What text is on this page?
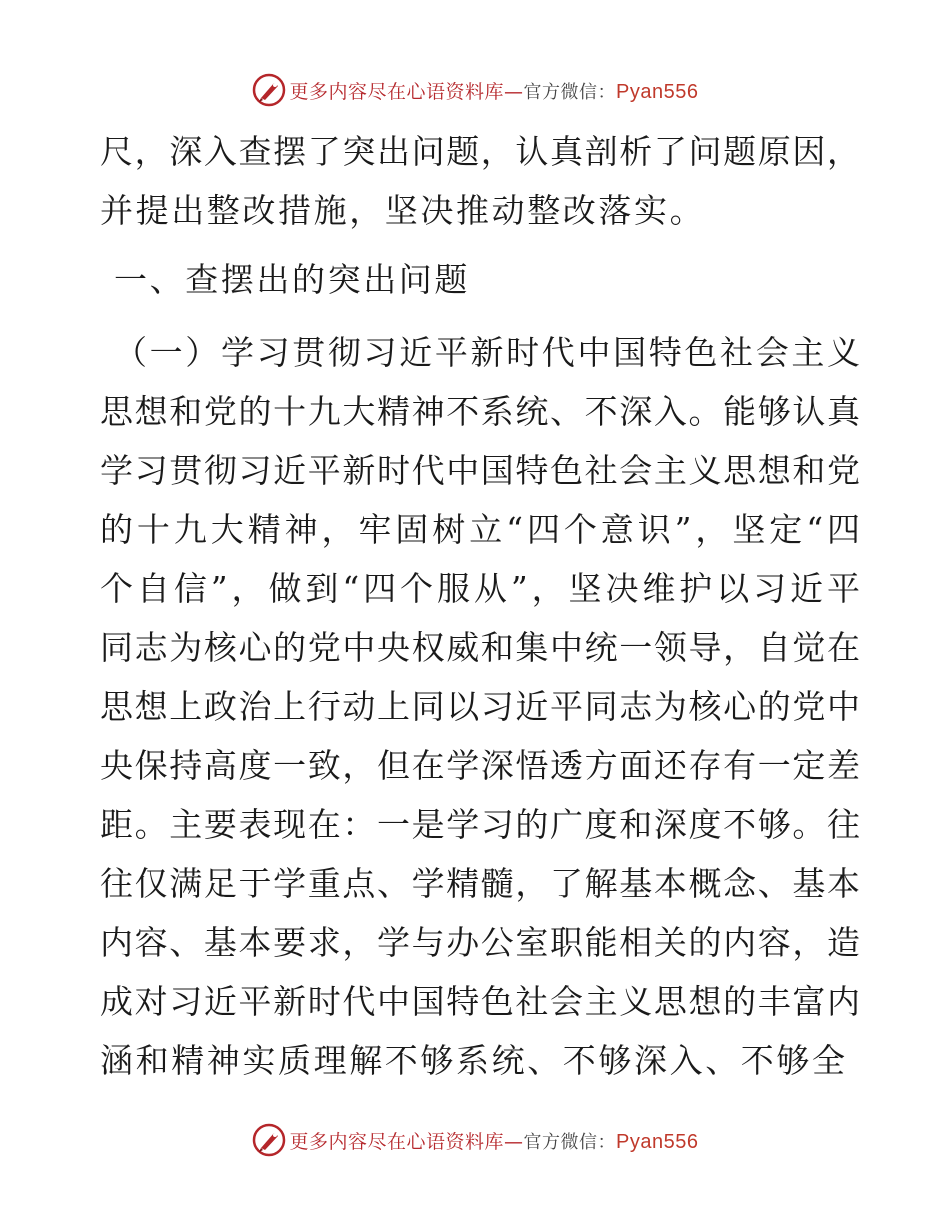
更多内容尽在心语资料库—官方微信：Pyan556
尺，深入查摆了突出问题，认真剖析了问题原因，
并提出整改措施，坚决推动整改落实。
一、查摆出的突出问题
（一）学习贯彻习近平新时代中国特色社会主义
思想和党的十九大精神不系统、不深入。能够认真
学习贯彻习近平新时代中国特色社会主义思想和党
的十九大精神，牢固树立“四个意识”，坚定“四
个自信”，做到“四个服从”，坚决维护以习近平
同志为核心的党中央权威和集中统一领导，自觉在
思想上政治上行动上同以习近平同志为核心的党中
央保持高度一致，但在学深悟透方面还存有一定差
距。主要表现在：一是学习的广度和深度不够。往
往仅满足于学重点、学精髓，了解基本概念、基本
内容、基本要求，学与办公室职能相关的内容，造
成对习近平新时代中国特色社会主义思想的丰富内
涵和精神实质理解不够系统、不够深入、不够全
更多内容尽在心语资料库—官方微信：Pyan556
